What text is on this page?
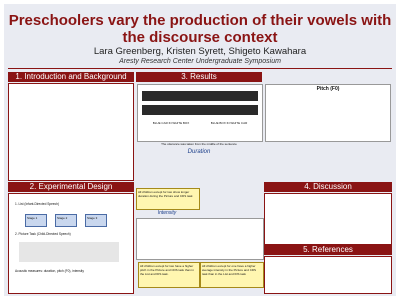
Preschoolers vary the production of their vowels with the discourse context
Lara Greenberg, Kristen Syrett, Shigeto Kawahara
Aresty Research Center Undergraduate Symposium
1. Introduction and Background

2. Experimental Design
1. List (Infant-Directed Speech)
2. Picture Task (Child-Directed Speech)
Stage 1	Stage 2	Stage 3
Acoustic measures: duration, pitch (F0), intensity
3. Results
BLUE CAR IN WHITE BOX	BLUE BOX IN WHITE CAR
The utterance was taken from the middle of the sentence
Duration
Pitch (F0)
4. Discussion
5. References
All children except for two show longer duration during the Picture and CDS task
Intensity
All children except for two have a higher pitch in the Picture and CDS task than in the List and IDS task.
All children except for one have a higher average intensity in the Picture and CDS task than in the List and IDS task
